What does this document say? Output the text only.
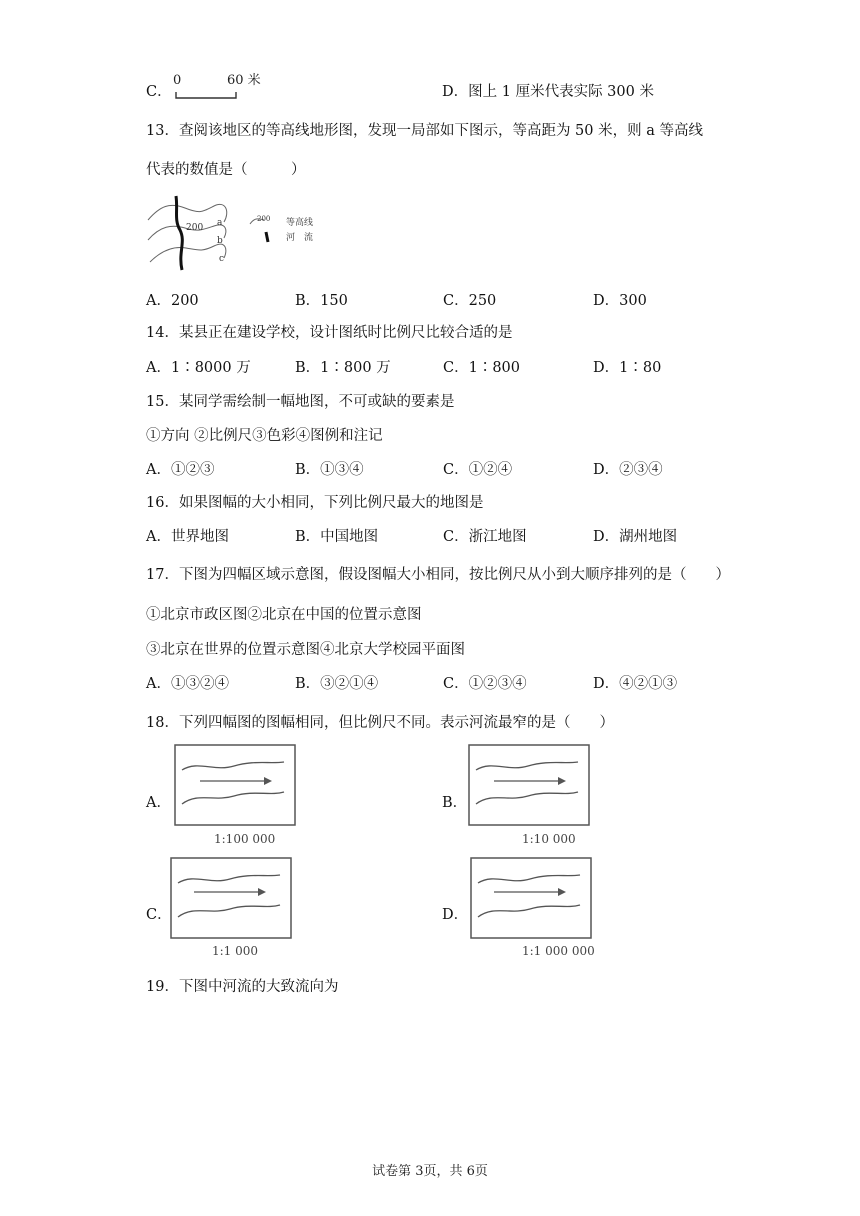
C．
0	60 米
D．图上 1 厘米代表实际 300 米
13．查阅该地区的等高线地形图，发现一局部如下图示，等高距为 50 米，则 a 等高线
代表的数值是（　　　）
200 a
b
c
200 等高线
河　流
A．200	B．150	C．250	D．300
14．某县正在建设学校，设计图纸时比例尺比较合适的是
A．1∶8000 万	B．1∶800 万	C．1∶800	D．1∶80
15．某同学需绘制一幅地图，不可或缺的要素是
①方向 ②比例尺③色彩④图例和注记
A．①②③	B．①③④	C．①②④	D．②③④
16．如果图幅的大小相同，下列比例尺最大的地图是
A．世界地图	B．中国地图	C．浙江地图	D．湖州地图
17．下图为四幅区域示意图，假设图幅大小相同，按比例尺从小到大顺序排列的是（　　）
①北京市政区图②北京在中国的位置示意图
③北京在世界的位置示意图④北京大学校园平面图
A．①③②④	B．③②①④	C．①②③④	D．④②①③
18．下列四幅图的图幅相同，但比例尺不同。表示河流最窄的是（　　）
A．
1:100 000
B．
1:10 000
C．
1:1 000
D．
1:1 000 000
19．下图中河流的大致流向为
试卷第 3页，共 6页
